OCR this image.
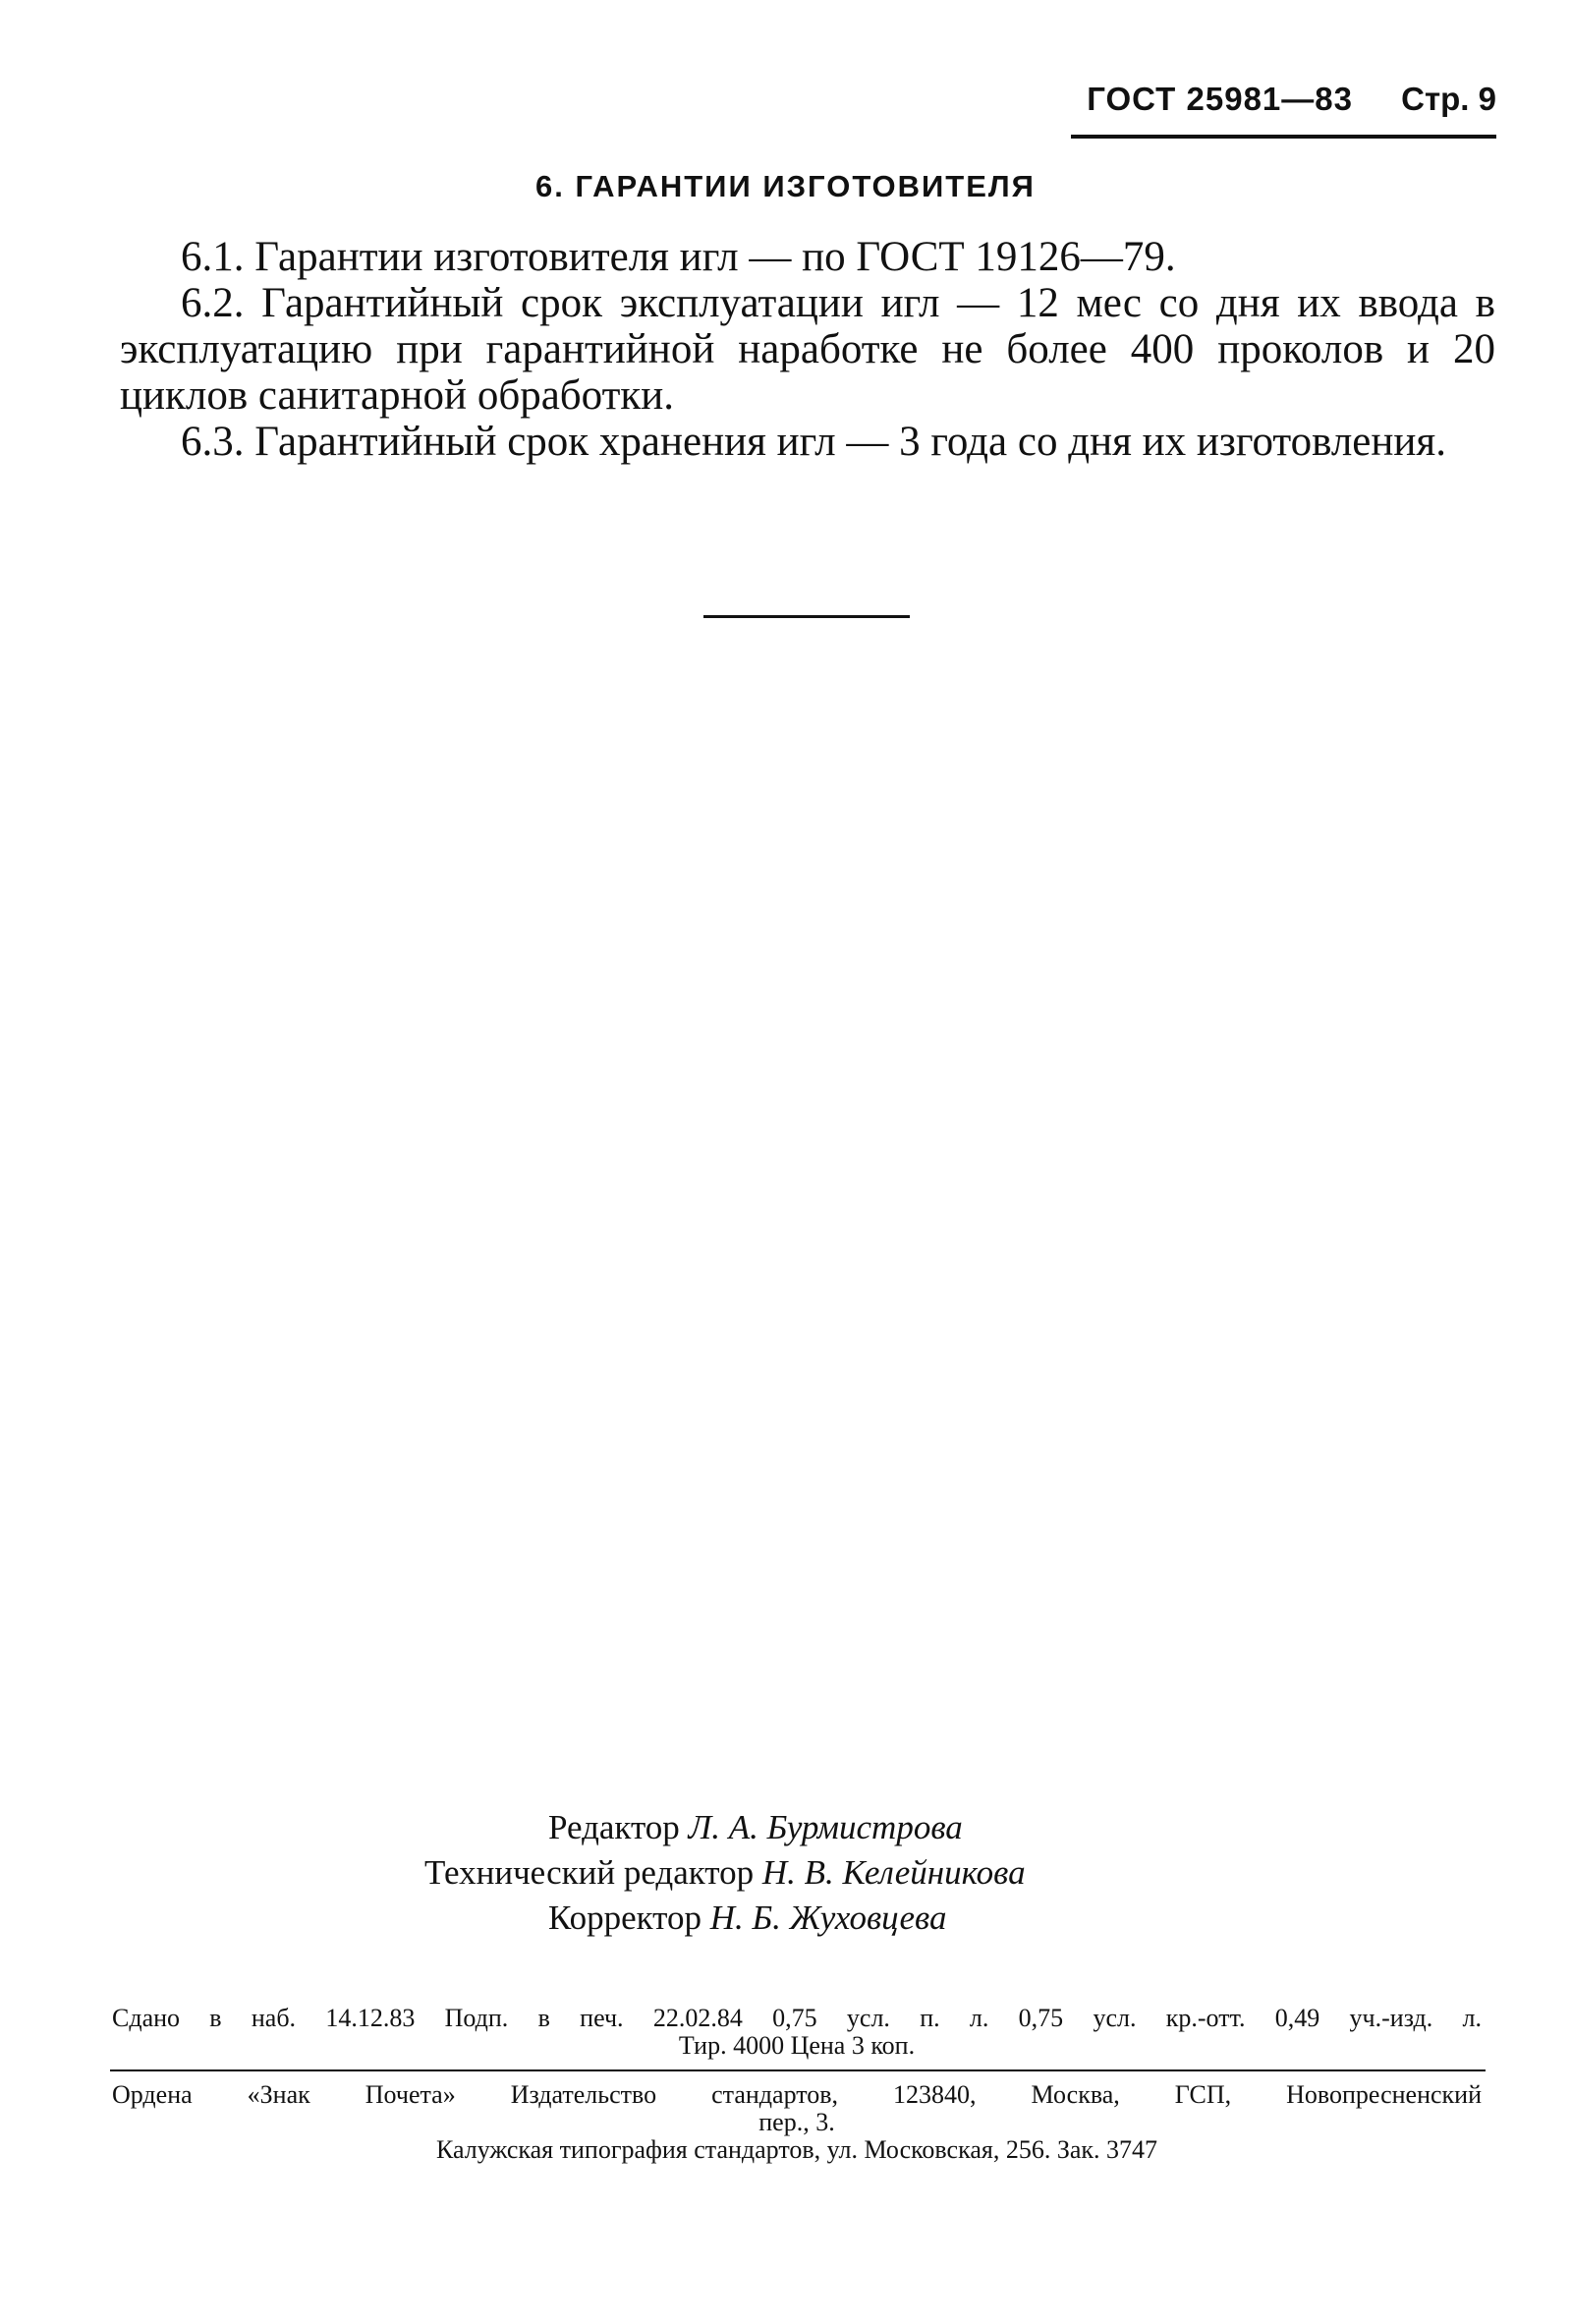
ГОСТ 25981—83 Стр. 9
6. ГАРАНТИИ ИЗГОТОВИТЕЛЯ

6.1. Гарантии изготовителя игл — по ГОСТ 19126—79.

6.2. Гарантийный срок эксплуатации игл — 12 мес со дня их ввода в эксплуатацию при гарантийной наработке не более 400 проколов и 20 циклов санитарной обработки.

6.3. Гарантийный срок хранения игл — 3 года со дня их изготовления.

Редактор Л. А. Бурмистрова
Технический редактор Н. В. Келейникова
Корректор Н. Б. Жуховцева
Сдано в наб. 14.12.83 Подп. в печ. 22.02.84 0,75 усл. п. л. 0,75 усл. кр.-отт. 0,49 уч.-изд. л.
Тир. 4000 Цена 3 коп.
Ордена «Знак Почета» Издательство стандартов, 123840, Москва, ГСП, Новопресненский
пер., 3.
Калужская типография стандартов, ул. Московская, 256. Зак. 3747
